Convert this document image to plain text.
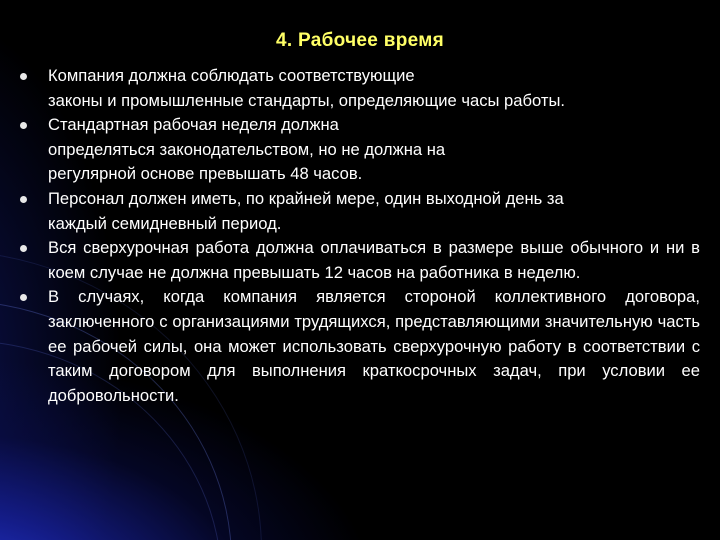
4. Рабочее время
Компания должна соблюдать соответствующие
законы и промышленные стандарты, определяющие часы работы.
Стандартная рабочая неделя должна
определяться законодательством, но не должна на
регулярной основе превышать 48 часов.
Персонал должен иметь, по крайней мере, один выходной день за
каждый семидневный период.
Вся сверхурочная работа должна оплачиваться в размере выше обычного и ни в коем случае не должна превышать 12 часов на работника в неделю.
В случаях, когда компания является стороной коллективного договора, заключенного с организациями трудящихся, представляющими значительную часть ее рабочей силы, она может использовать сверхурочную работу в соответствии с таким договором для выполнения краткосрочных задач, при условии ее добровольности.
